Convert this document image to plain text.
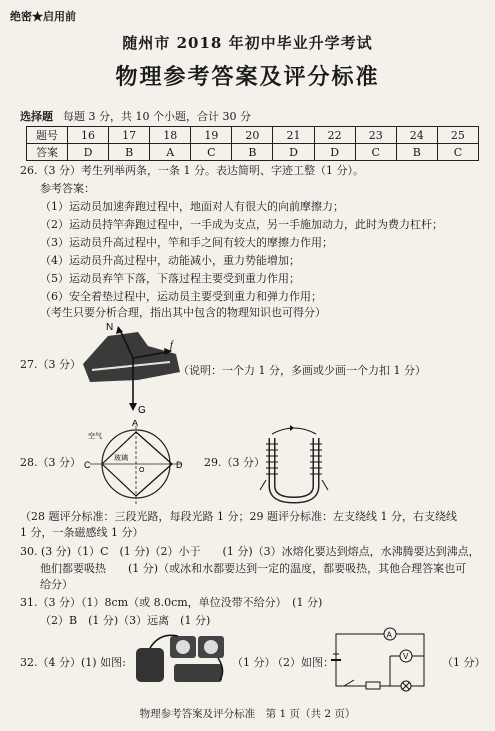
绝密★启用前
随州市 2018 年初中毕业升学考试
物理参考答案及评分标准
选择题 每题 3 分，共 10 个小题，合计 30 分
题号	16	17	18	19	20	21	22	23	24	25
答案	D	B	A	C	B	D	D	C	B	C
26.（3 分）考生列举两条，一条 1 分。表达简明、字迹工整（1 分）。
参考答案：
（1）运动员加速奔跑过程中，地面对人有很大的向前摩擦力；
（2）运动员持竿奔跑过程中，一手成为支点，另一手施加动力，此时为费力杠杆；
（3）运动员升高过程中，竿和手之间有较大的摩擦力作用；
（4）运动员升高过程中，动能减小，重力势能增加；
（5）运动员弃竿下落，下落过程主要受到重力作用；
（6）安全着垫过程中，运动员主要受到重力和弹力作用；
（考生只要分析合理，指出其中包含的物理知识也可得分）
27.（3 分）
N
f
G
（说明：一个力 1 分，多画或少画一个力扣 1 分）
28.（3 分）
A
C	D
玻璃
空气
O
29.（3 分）
（28 题评分标准：三段光路，每段光路 1 分；29 题评分标准：左支绕线 1 分，右支绕线
1 分，一条磁感线 1 分）
30. (3 分)（1）C　(1 分)（2）小于　　(1 分)（3）冰熔化要达到熔点，水沸腾要达到沸点，
他们都要吸热　　(1 分)（或冰和水都要达到一定的温度，都要吸热，其他合理答案也可
给分）
31.（3 分）（1）8cm（或 8.0cm，单位没带不给分）　(1 分)
（2）B　(1 分)（3）远离　(1 分)
32.（4 分）(1) 如图:	（1 分）
（2）如图：
A
V	（1 分）
物理参考答案及评分标准　第 1 页（共 2 页）
